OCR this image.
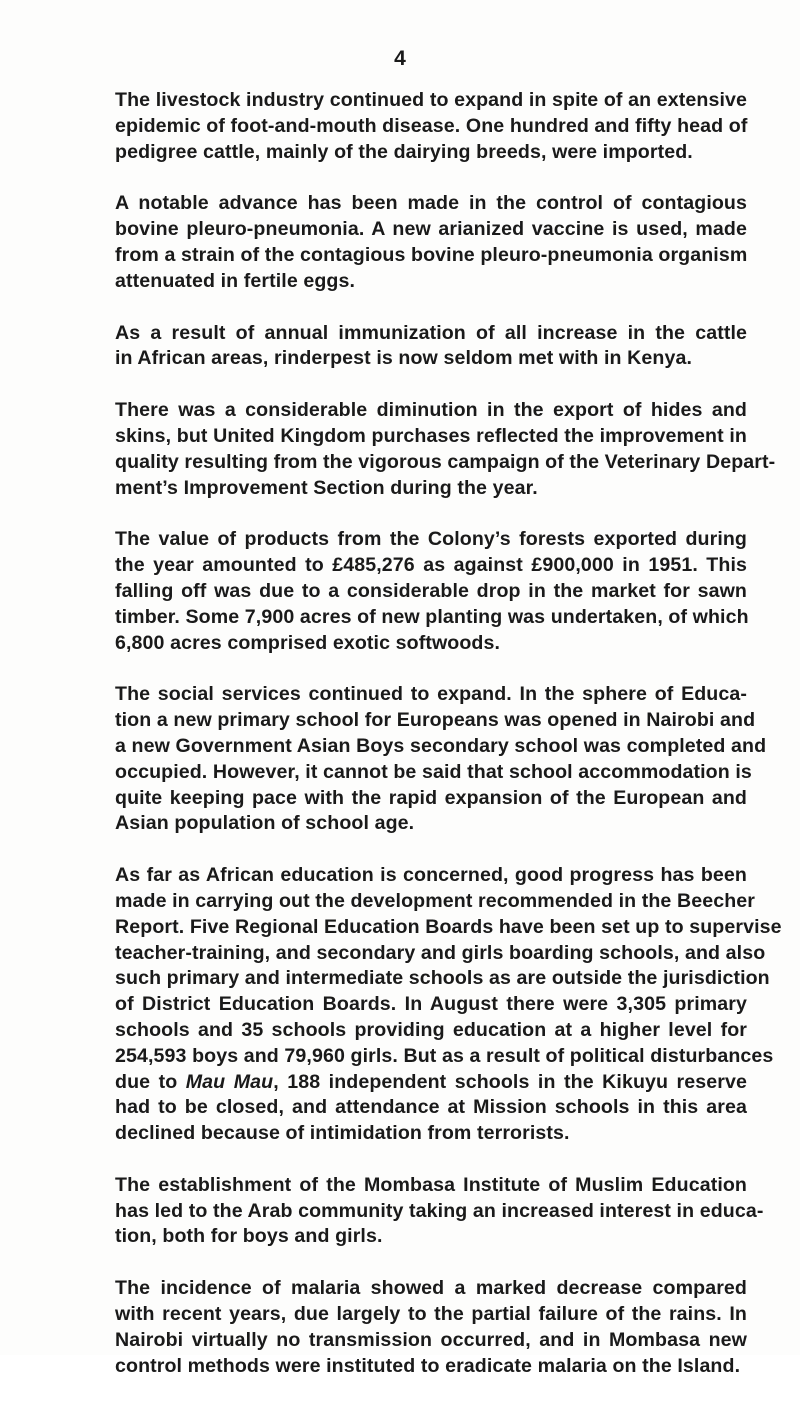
4

The livestock industry continued to expand in spite of an extensive
epidemic of foot-and-mouth disease. One hundred and fifty head of
pedigree cattle, mainly of the dairying breeds, were imported.

A notable advance has been made in the control of contagious
bovine pleuro-pneumonia. A new arianized vaccine is used, made
from a strain of the contagious bovine pleuro-pneumonia organism
attenuated in fertile eggs.

As a result of annual immunization of all increase in the cattle
in African areas, rinderpest is now seldom met with in Kenya.

There was a considerable diminution in the export of hides and
skins, but United Kingdom purchases reflected the improvement in
quality resulting from the vigorous campaign of the Veterinary Depart-
ment’s Improvement Section during the year.

The value of products from the Colony’s forests exported during
the year amounted to £485,276 as against £900,000 in 1951. This
falling off was due to a considerable drop in the market for sawn
timber. Some 7,900 acres of new planting was undertaken, of which
6,800 acres comprised exotic softwoods.

The social services continued to expand. In the sphere of Educa-
tion a new primary school for Europeans was opened in Nairobi and
a new Government Asian Boys secondary school was completed and
occupied. However, it cannot be said that school accommodation is
quite keeping pace with the rapid expansion of the European and
Asian population of school age.

As far as African education is concerned, good progress has been
made in carrying out the development recommended in the Beecher
Report. Five Regional Education Boards have been set up to supervise
teacher-training, and secondary and girls boarding schools, and also
such primary and intermediate schools as are outside the jurisdiction
of District Education Boards. In August there were 3,305 primary
schools and 35 schools providing education at a higher level for
254,593 boys and 79,960 girls. But as a result of political disturbances
due to Mau Mau, 188 independent schools in the Kikuyu reserve
had to be closed, and attendance at Mission schools in this area
declined because of intimidation from terrorists.

The establishment of the Mombasa Institute of Muslim Education
has led to the Arab community taking an increased interest in educa-
tion, both for boys and girls.

The incidence of malaria showed a marked decrease compared
with recent years, due largely to the partial failure of the rains. In
Nairobi virtually no transmission occurred, and in Mombasa new
control methods were instituted to eradicate malaria on the Island.
